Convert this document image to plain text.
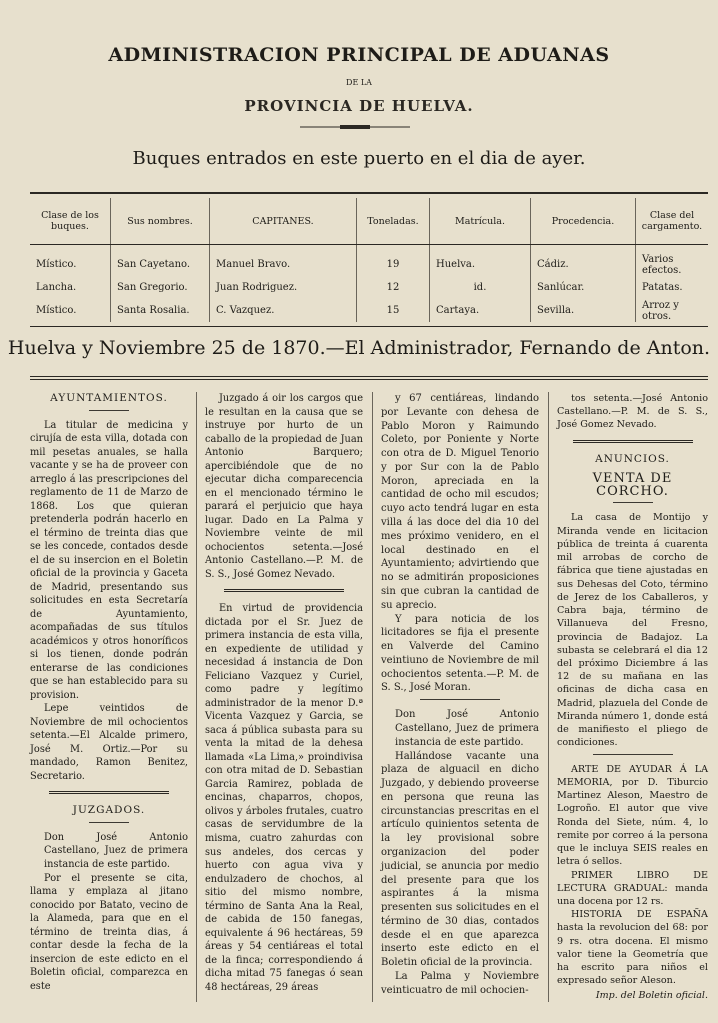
ADMINISTRACION PRINCIPAL DE ADUANAS
DE LA
PROVINCIA DE HUELVA.
Buques entrados en este puerto en el dia de ayer.
Clase de los buques.	Sus nombres.	CAPITANES.	Toneladas.	Matrícula.	Procedencia.	Clase del cargamento.
Místico.	San Cayetano.	Manuel Bravo.	19	Huelva.	Cádiz.	Varios efectos.
Lancha.	San Gregorio.	Juan Rodriguez.	12	id.	Sanlúcar.	Patatas.
Místico.	Santa Rosalia.	C. Vazquez.	15	Cartaya.	Sevilla.	Arroz y otros.
Huelva y Noviembre 25 de 1870.—El Administrador, Fernando de Anton.

AYUNTAMIENTOS.

La titular de medicina y cirujía de esta villa, dotada con mil pesetas anuales, se halla vacante y se ha de proveer con arreglo á las prescripciones del reglamento de 11 de Marzo de 1868. Los que quieran pretenderla podrán hacerlo en el término de treinta dias que se les concede, contados desde el de su insercion en el Boletin oficial de la provincia y Gaceta de Madrid, presentando sus solicitudes en esta Secretaría de Ayuntamiento, acompañadas de sus títulos académicos y otros honoríficos si los tienen, donde podrán enterarse de las condiciones que se han establecido para su provision.

Lepe veintidos de Noviembre de mil ochocientos setenta.—El Alcalde primero, José M. Ortiz.—Por su mandado, Ramon Benitez, Secretario.

JUZGADOS.

Don José Antonio Castellano, Juez de primera instancia de este partido.

Por el presente se cita, llama y emplaza al jitano conocido por Batato, vecino de la Alameda, para que en el término de treinta dias, á contar desde la fecha de la insercion de este edicto en el Boletin oficial, comparezca en este

Juzgado á oir los cargos que le resultan en la causa que se instruye por hurto de un caballo de la propiedad de Juan Antonio Barquero; apercibiéndole que de no ejecutar dicha comparecencia en el mencionado término le parará el perjuicio que haya lugar. Dado en La Palma y Noviembre veinte de mil ochocientos setenta.—José Antonio Castellano.—P. M. de S. S., José Gomez Nevado.

En virtud de providencia dictada por el Sr. Juez de primera instancia de esta villa, en expediente de utilidad y necesidad á instancia de Don Feliciano Vazquez y Curiel, como padre y legítimo administrador de la menor D.ª Vicenta Vazquez y Garcia, se saca á pública subasta para su venta la mitad de la dehesa llamada «La Lima,» proindivisa con otra mitad de D. Sebastian Garcia Ramirez, poblada de encinas, chaparros, chopos, olivos y árboles frutales, cuatro casas de servidumbre de la misma, cuatro zahurdas con sus andeles, dos cercas y huerto con agua viva y endulzadero de chochos, al sitio del mismo nombre, término de Santa Ana la Real, de cabida de 150 fanegas, equivalente á 96 hectáreas, 59 áreas y 54 centiáreas el total de la finca; correspondiendo á dicha mitad 75 fanegas ó sean 48 hectáreas, 29 áreas

y 67 centiáreas, lindando por Levante con dehesa de Pablo Moron y Raimundo Coleto, por Poniente y Norte con otra de D. Miguel Tenorio y por Sur con la de Pablo Moron, apreciada en la cantidad de ocho mil escudos; cuyo acto tendrá lugar en esta villa á las doce del dia 10 del mes próximo venidero, en el local destinado en el Ayuntamiento; advirtiendo que no se admitirán proposiciones sin que cubran la cantidad de su aprecio.

Y para noticia de los licitadores se fija el presente en Valverde del Camino veintiuno de Noviembre de mil ochocientos setenta.—P. M. de S. S., José Moran.

Don José Antonio Castellano, Juez de primera instancia de este partido.

Hallándose vacante una plaza de alguacil en dicho Juzgado, y debiendo proveerse en persona que reuna las circunstancias prescritas en el artículo quinientos setenta de la ley provisional sobre organizacion del poder judicial, se anuncia por medio del presente para que los aspirantes á la misma presenten sus solicitudes en el término de 30 dias, contados desde el en que aparezca inserto este edicto en el Boletin oficial de la provincia.

La Palma y Noviembre veinticuatro de mil ochocien-

tos setenta.—José Antonio Castellano.—P. M. de S. S., José Gomez Nevado.

ANUNCIOS.

VENTA DE CORCHO.

La casa de Montijo y Miranda vende en licitacion pública de treinta á cuarenta mil arrobas de corcho de fábrica que tiene ajustadas en sus Dehesas del Coto, término de Jerez de los Caballeros, y Cabra baja, término de Villanueva del Fresno, provincia de Badajoz. La subasta se celebrará el dia 12 del próximo Diciembre á las 12 de su mañana en las oficinas de dicha casa en Madrid, plazuela del Conde de Miranda número 1, donde está de manifiesto el pliego de condiciones.

ARTE DE AYUDAR Á LA MEMORIA, por D. Tiburcio Martinez Aleson, Maestro de Logroño. El autor que vive Ronda del Siete, núm. 4, lo remite por correo á la persona que le incluya SEIS reales en letra ó sellos.

PRIMER LIBRO DE LECTURA GRADUAL: manda una docena por 12 rs.

HISTORIA DE ESPAÑA hasta la revolucion del 68: por 9 rs. otra docena. El mismo valor tiene la Geometría que ha escrito para niños el expresado señor Aleson.

Imp. del Boletin oficial.
